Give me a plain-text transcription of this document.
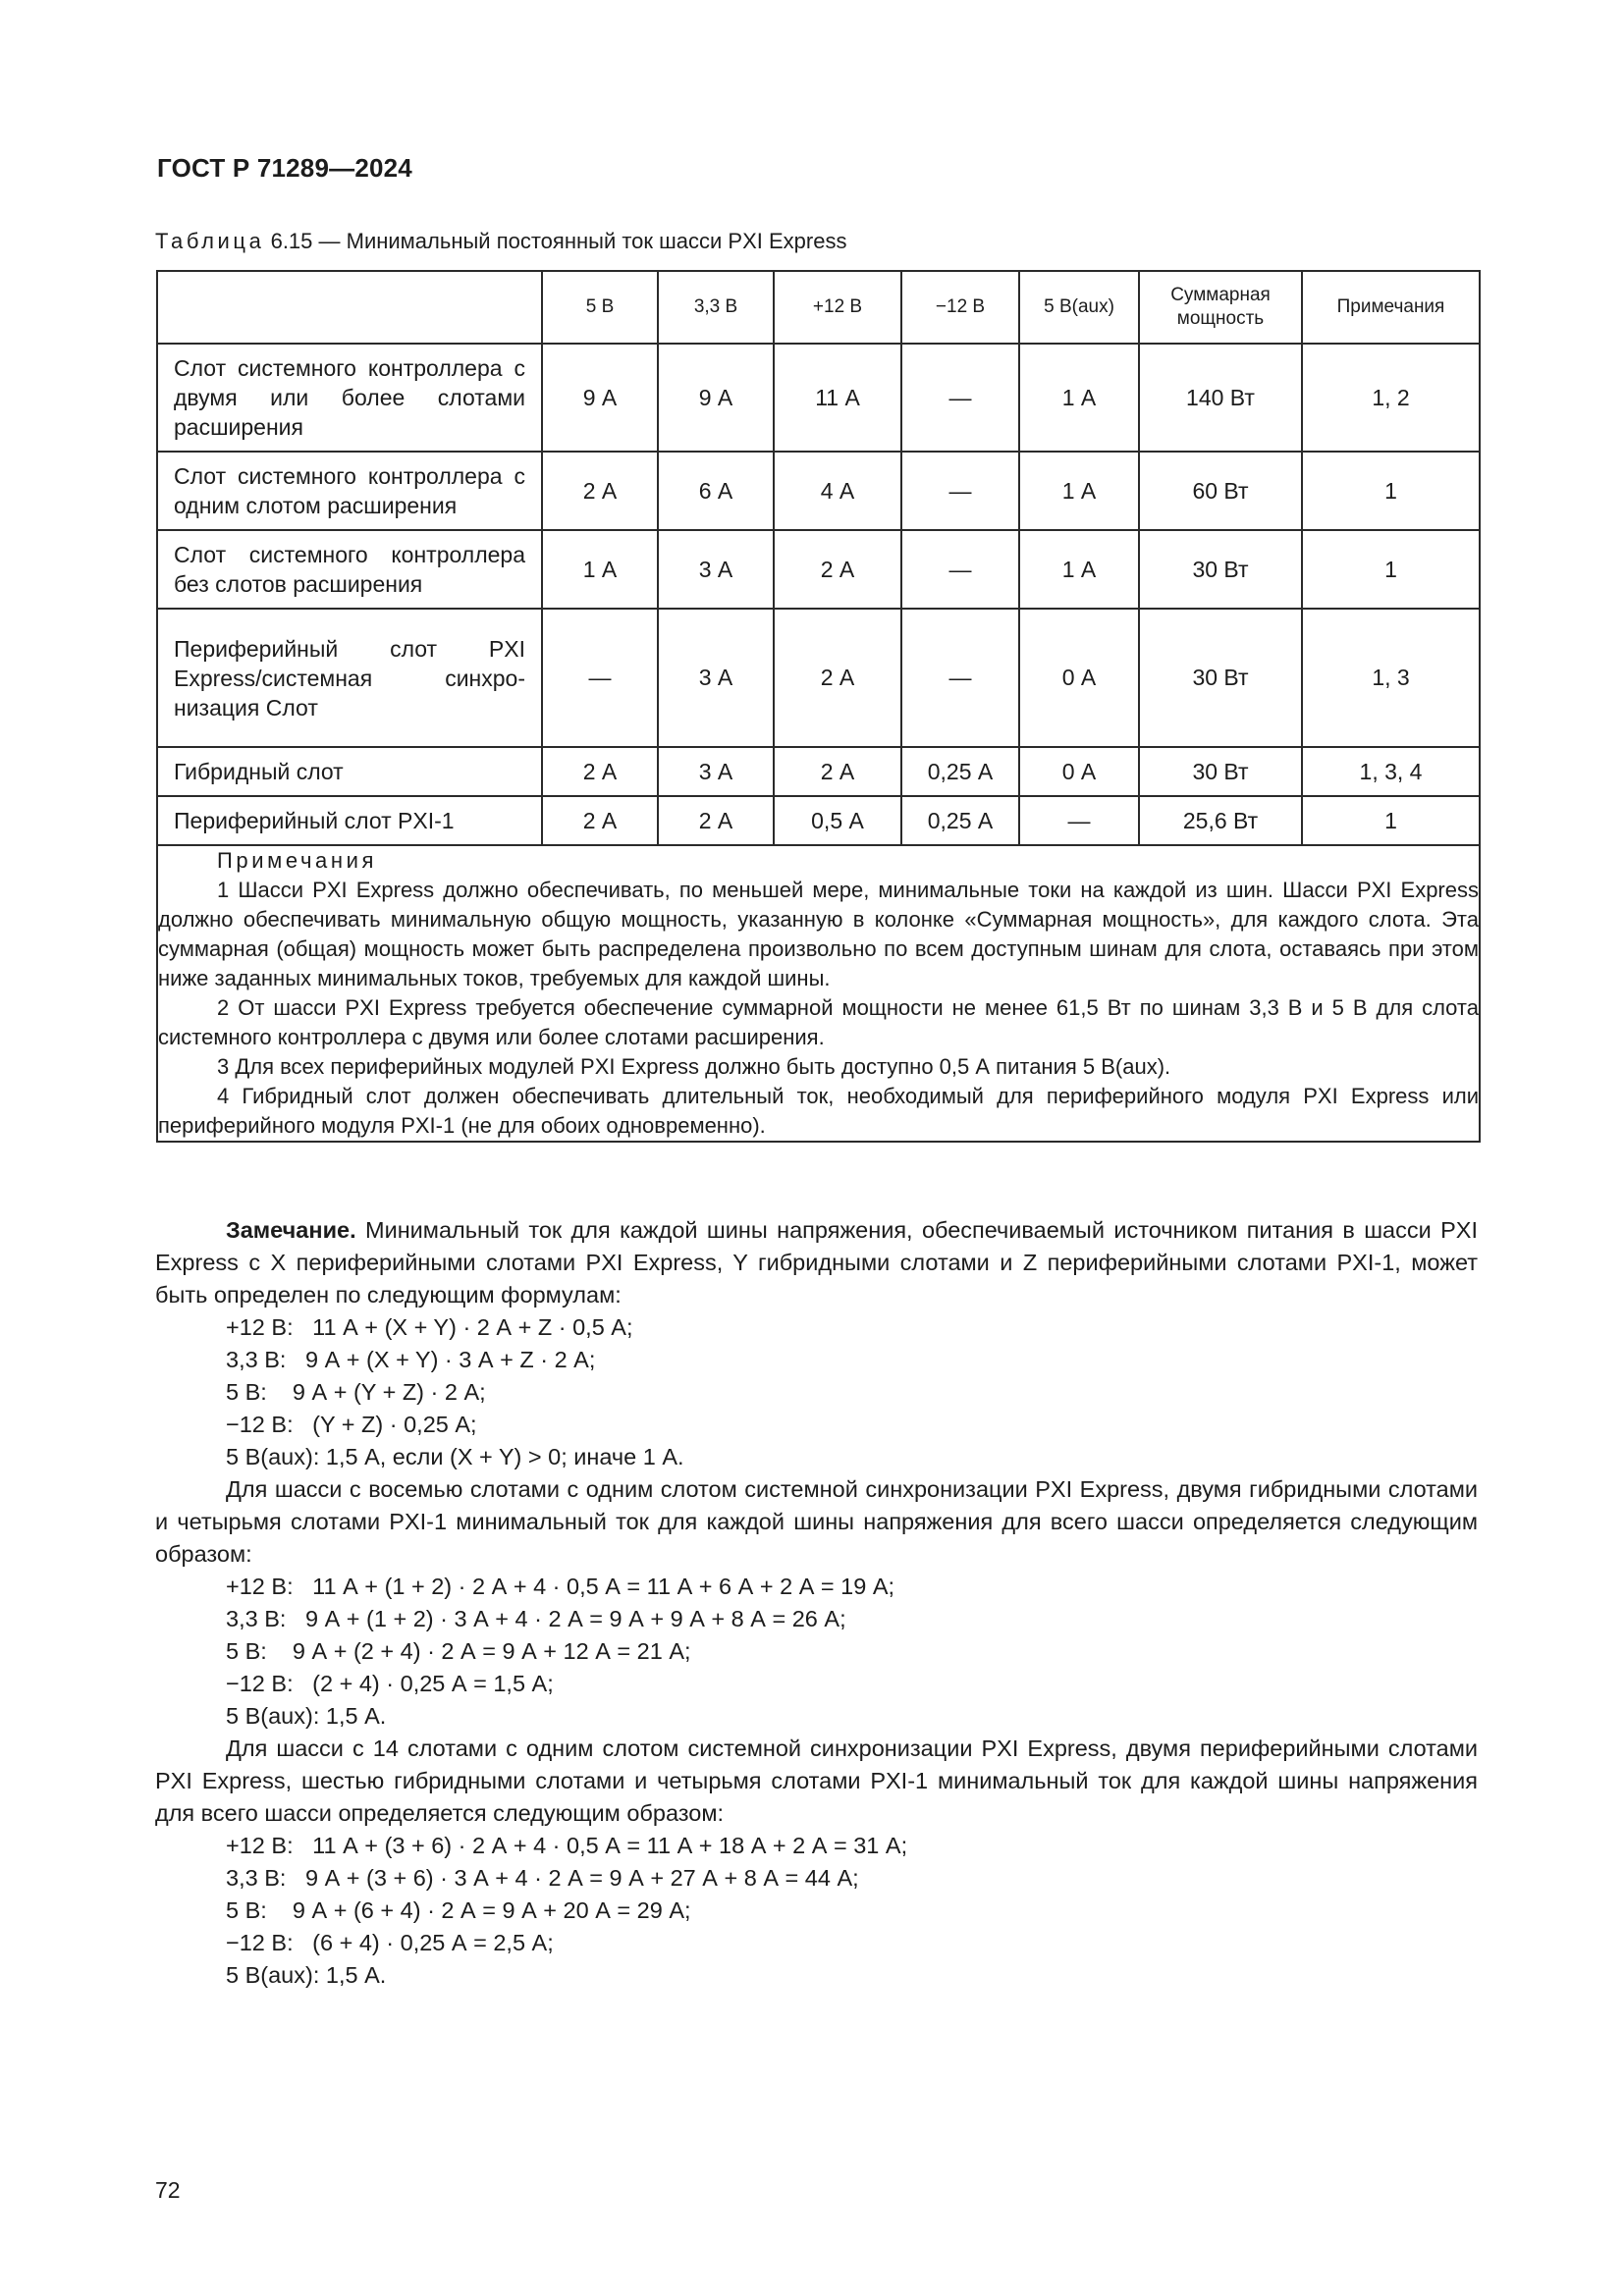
ГОСТ Р 71289—2024
Таблица 6.15 — Минимальный постоянный ток шасси PXI Express
	5 В	3,3 В	+12 В	−12 В	5 В(aux)	Суммарная мощность	Примечания
Слот системного контроллера с двумя или более слотами расширения	9 А	9 А	11 А	—	1 А	140 Вт	1, 2
Слот системного контроллера с одним слотом расширения	2 А	6 А	4 А	—	1 А	60 Вт	1
Слот системного контроллера без слотов расширения	1 А	3 А	2 А	—	1 А	30 Вт	1
Периферийный слот PXI Express/системная синхро-низация Слот	—	3 А	2 А	—	0 А	30 Вт	1, 3
Гибридный слот	2 А	3 А	2 А	0,25 А	0 А	30 Вт	1, 3, 4
Периферийный слот PXI-1	2 А	2 А	0,5 А	0,25 А	—	25,6 Вт	1

Примечания

1 Шасси PXI Express должно обеспечивать, по меньшей мере, минимальные токи на каждой из шин. Шасси PXI Express должно обеспечивать минимальную общую мощность, указанную в колонке «Суммарная мощность», для каждого слота. Эта суммарная (общая) мощность может быть распределена произвольно по всем доступным шинам для слота, оставаясь при этом ниже заданных минимальных токов, требуемых для каждой шины.

2 От шасси PXI Express требуется обеспечение суммарной мощности не менее 61,5 Вт по шинам 3,3 В и 5 В для слота системного контроллера с двумя или более слотами расширения.

3 Для всех периферийных модулей PXI Express должно быть доступно 0,5 А питания 5 В(aux).

4 Гибридный слот должен обеспечивать длительный ток, необходимый для периферийного модуля PXI Express или периферийного модуля PXI-1 (не для обоих одновременно).							

Замечание. Минимальный ток для каждой шины напряжения, обеспечиваемый источником питания в шасси PXI Express с X периферийными слотами PXI Express, Y гибридными слотами и Z периферийными слотами PXI-1, может быть определен по следующим формулам:

+12 В:   11 А + (X + Y) · 2 А + Z · 0,5 А;

3,3 В:   9 А + (X + Y) · 3 А + Z · 2 А;

5 В:    9 А + (Y + Z) · 2 А;

−12 В:   (Y + Z) · 0,25 А;

5 В(aux): 1,5 А, если (X + Y) > 0; иначе 1 А.

Для шасси с восемью слотами с одним слотом системной синхронизации PXI Express, двумя гибридными слотами и четырьмя слотами PXI-1 минимальный ток для каждой шины напряжения для всего шасси определяется следующим образом:

+12 В:   11 А + (1 + 2) · 2 А + 4 · 0,5 А = 11 А + 6 А + 2 А = 19 А;

3,3 В:   9 А + (1 + 2) · 3 А + 4 · 2 А = 9 А + 9 А + 8 А = 26 А;

5 В:    9 А + (2 + 4) · 2 А = 9 А + 12 А = 21 А;

−12 В:   (2 + 4) · 0,25 А = 1,5 А;

5 В(aux): 1,5 А.

Для шасси с 14 слотами с одним слотом системной синхронизации PXI Express, двумя периферийными слотами PXI Express, шестью гибридными слотами и четырьмя слотами PXI-1 минимальный ток для каждой шины напряжения для всего шасси определяется следующим образом:

+12 В:   11 А + (3 + 6) · 2 А + 4 · 0,5 А = 11 А + 18 А + 2 А = 31 А;

3,3 В:   9 А + (3 + 6) · 3 А + 4 · 2 А = 9 А + 27 А + 8 А = 44 А;

5 В:    9 А + (6 + 4) · 2 А = 9 А + 20 А = 29 А;

−12 В:   (6 + 4) · 0,25 А = 2,5 А;

5 В(aux): 1,5 А.

72
